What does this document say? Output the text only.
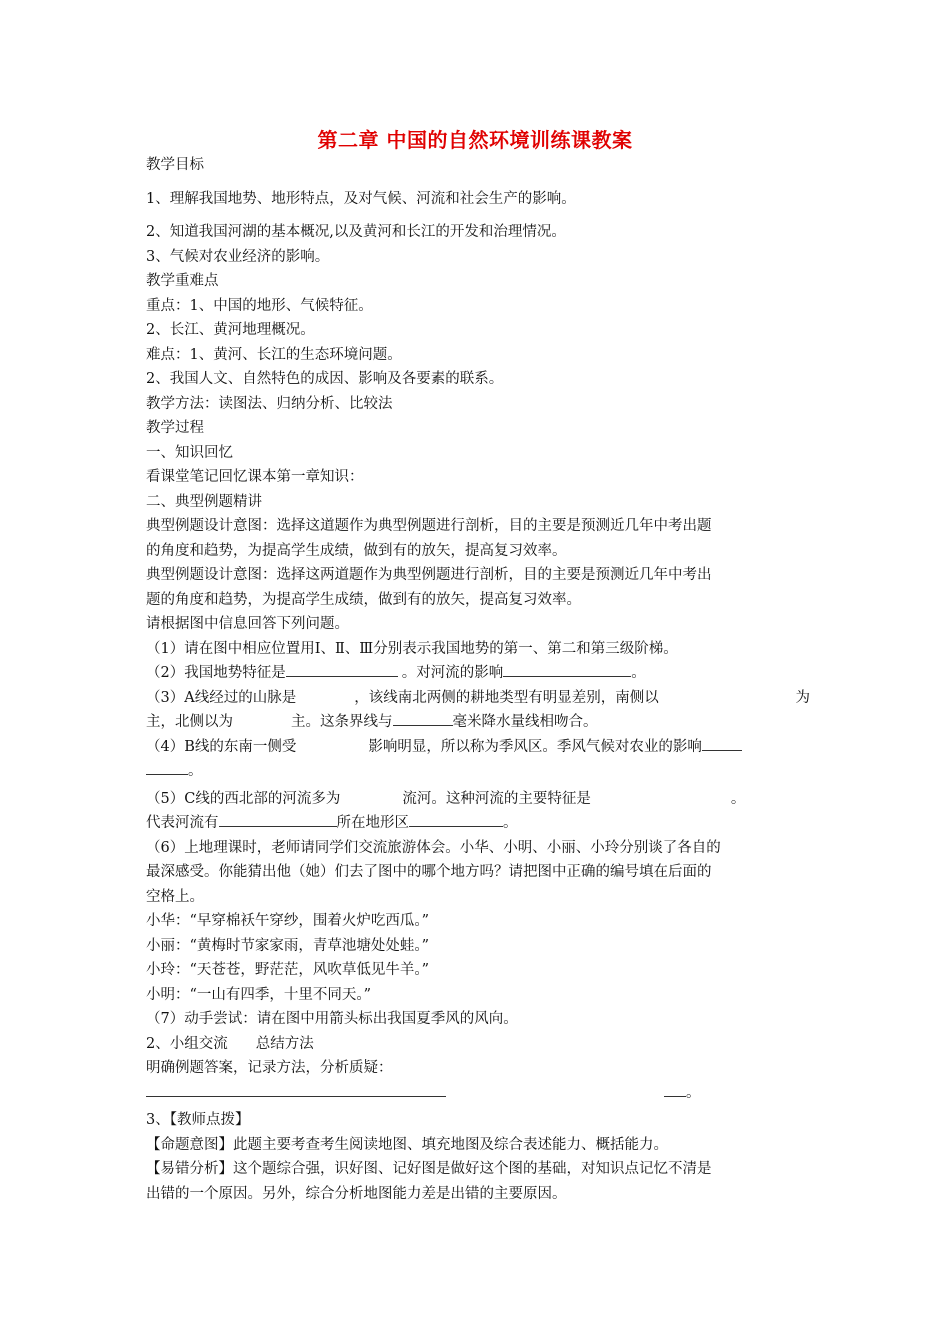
第二章 中国的自然环境训练课教案
教学目标
1、理解我国地势、地形特点，及对气候、河流和社会生产的影响。
2、知道我国河湖的基本概况,以及黄河和长江的开发和治理情况。
3、气候对农业经济的影响。
教学重难点
重点：1、中国的地形、气候特征。
2、长江、黄河地理概况。
难点：1、黄河、长江的生态环境问题。
2、我国人文、自然特色的成因、影响及各要素的联系。
教学方法：读图法、归纳分析、比较法
教学过程
一、知识回忆
看课堂笔记回忆课本第一章知识：
二、典型例题精讲
典型例题设计意图：选择这道题作为典型例题进行剖析，目的主要是预测近几年中考出题
的角度和趋势，为提高学生成绩，做到有的放矢，提高复习效率。
典型例题设计意图：选择这两道题作为典型例题进行剖析，目的主要是预测近几年中考出
题的角度和趋势，为提高学生成绩，做到有的放矢，提高复习效率。
请根据图中信息回答下列问题。
（1）请在图中相应位置用Ⅰ、Ⅱ、Ⅲ分别表示我国地势的第一、第二和第三级阶梯。
（2）我国地势特征是	。对河流的影响	。
（3）A线经过的山脉是	，该线南北两侧的耕地类型有明显差别，南侧以	为
主，北侧以为	主。这条界线与	毫米降水量线相吻合。
（4）B线的东南一侧受	影响明显，所以称为季风区。季风气候对农业的影响
。
（5）C线的西北部的河流多为	流河。这种河流的主要特征是	。
代表河流有	所在地形区	。
（6）上地理课时，老师请同学们交流旅游体会。小华、小明、小丽、小玲分别谈了各自的
最深感受。你能猜出他（她）们去了图中的哪个地方吗？请把图中正确的编号填在后面的
空格上。
小华：“早穿棉袄午穿纱，围着火炉吃西瓜。”
小丽：“黄梅时节家家雨，青草池塘处处蛙。”
小玲：“天苍苍，野茫茫，风吹草低见牛羊。”
小明：“一山有四季，十里不同天。”
（7）动手尝试：请在图中用箭头标出我国夏季风的风向。
2、小组交流 总结方法
明确例题答案，记录方法，分析质疑：
。
3、【教师点拨】
【命题意图】此题主要考查考生阅读地图、填充地图及综合表述能力、概括能力。
【易错分析】这个题综合强，识好图、记好图是做好这个图的基础，对知识点记忆不清是
出错的一个原因。另外，综合分析地图能力差是出错的主要原因。
